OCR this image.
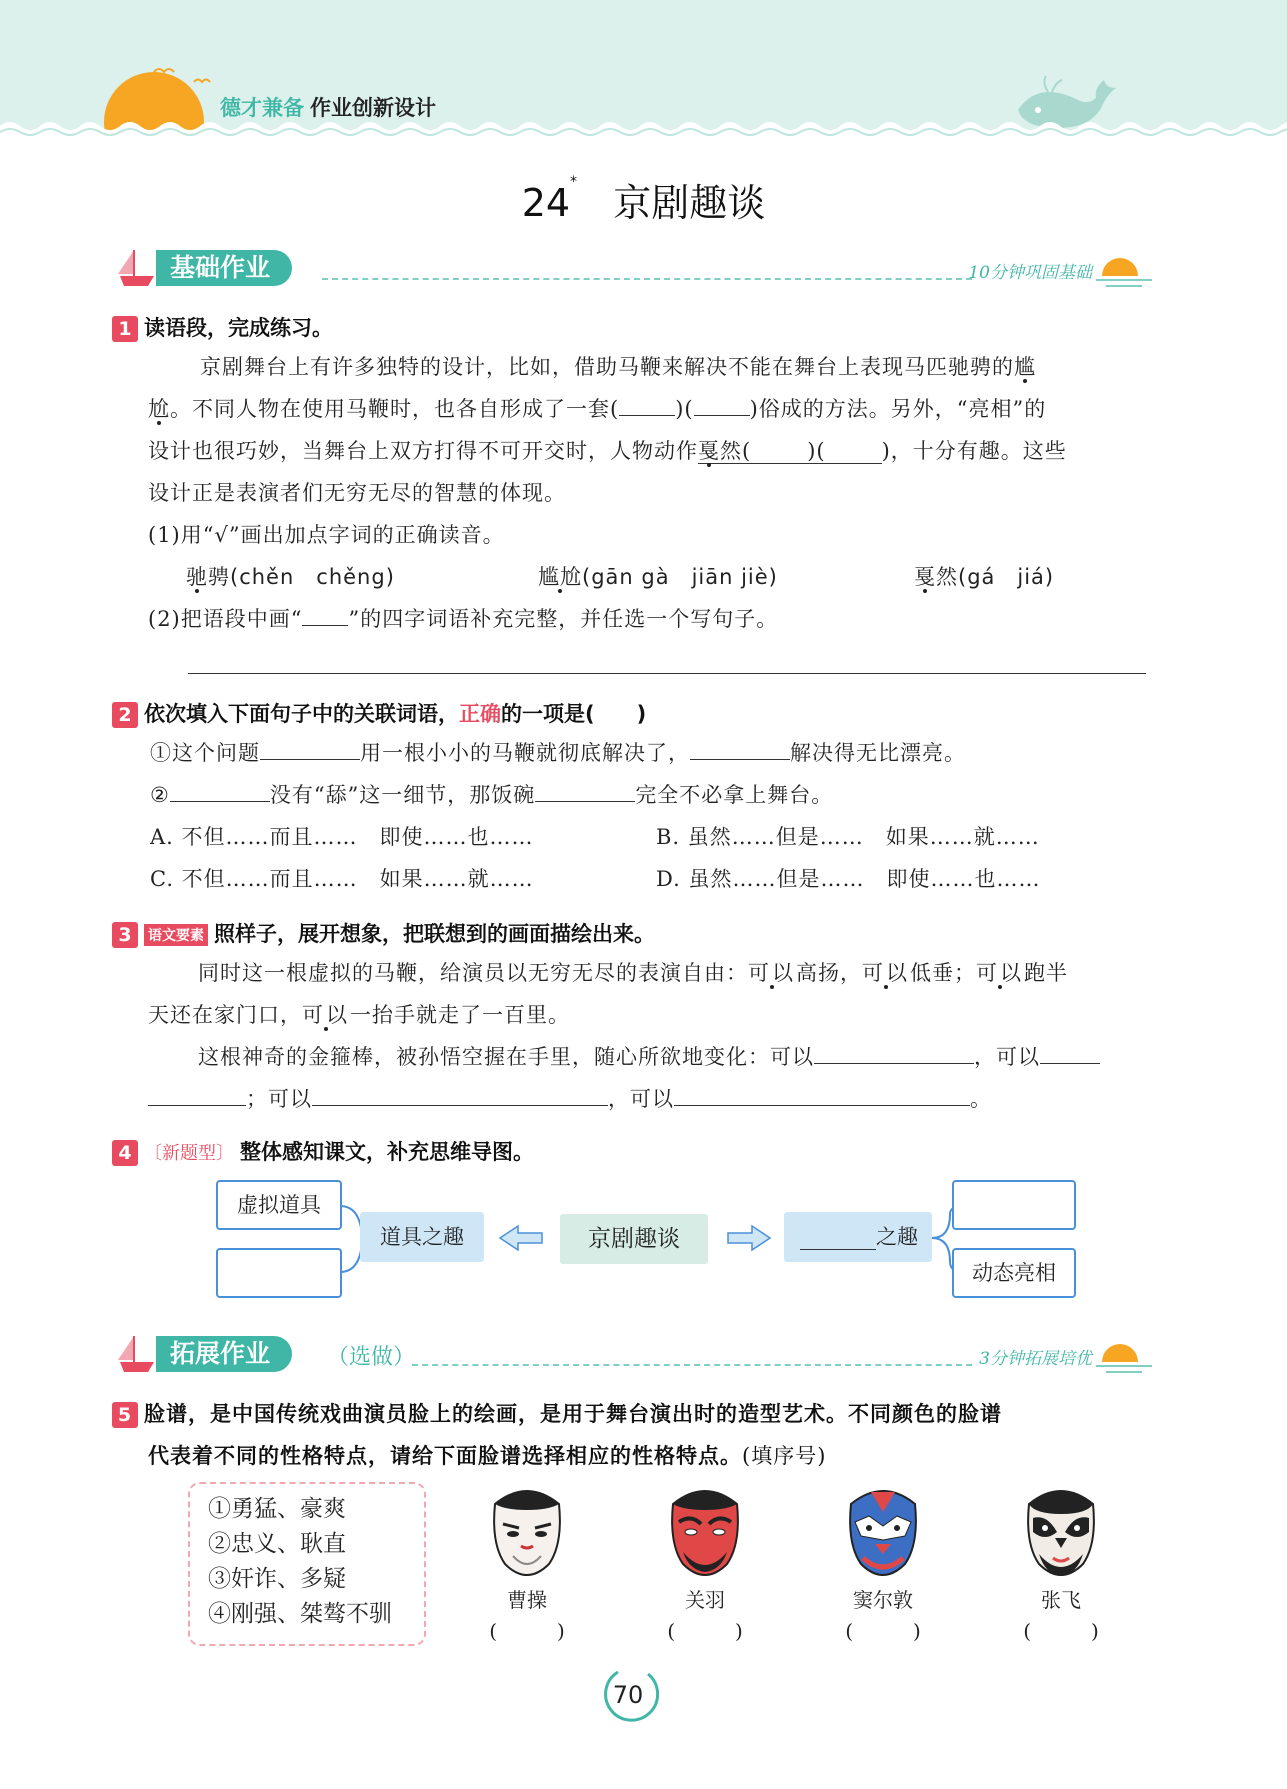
德才兼备 作业创新设计
24* 京剧趣谈
基础作业	10分钟巩固基础
1 读语段，完成练习。
京剧舞台上有许多独特的设计，比如，借助马鞭来解决不能在舞台上表现马匹驰骋的尴
尬。不同人物在使用马鞭时，也各自形成了一套(	)(	)俗成的方法。另外，“亮相”的
设计也很巧妙，当舞台上双方打得不可开交时，人物动作戛然(	)(	)，十分有趣。这些
设计正是表演者们无穷无尽的智慧的体现。
(1)用“√”画出加点字词的正确读音。
驰骋(chěn　chěng)	尴尬(gān gà　jiān jiè)	戛然(gá　jiá)
(2)把语段中画“ ”的四字词语补充完整，并任选一个写句子。
2 依次填入下面句子中的关联词语，正确的一项是(　　)
①这个问题	用一根小小的马鞭就彻底解决了，	解决得无比漂亮。
②	没有“舔”这一细节，那饭碗	完全不必拿上舞台。
A. 不但……而且……　即使……也……	B. 虽然……但是……　如果……就……
C. 不但……而且……　如果……就……	D. 虽然……但是……　即使……也……
3 语文要素 照样子，展开想象，把联想到的画面描绘出来。
同时这一根虚拟的马鞭，给演员以无穷无尽的表演自由：可以高扬，可以低垂；可以跑半
天还在家门口，可以一抬手就走了一百里。
这根神奇的金箍棒，被孙悟空握在手里，随心所欲地变化：可以	，可以
；可以	，可以	。
4 〔新题型〕 整体感知课文，补充思维导图。
虚拟道具
道具之趣	京剧趣谈	之趣
动态亮相
拓展作业	（选做）	3分钟拓展培优
5 脸谱，是中国传统戏曲演员脸上的绘画，是用于舞台演出时的造型艺术。不同颜色的脸谱
代表着不同的性格特点，请给下面脸谱选择相应的性格特点。(填序号)
①勇猛、豪爽
②忠义、耿直
③奸诈、多疑
④刚强、桀骜不驯
曹操
(　　　)
关羽
(　　　)
窦尔敦
(　　　)
张飞
(　　　)
70
